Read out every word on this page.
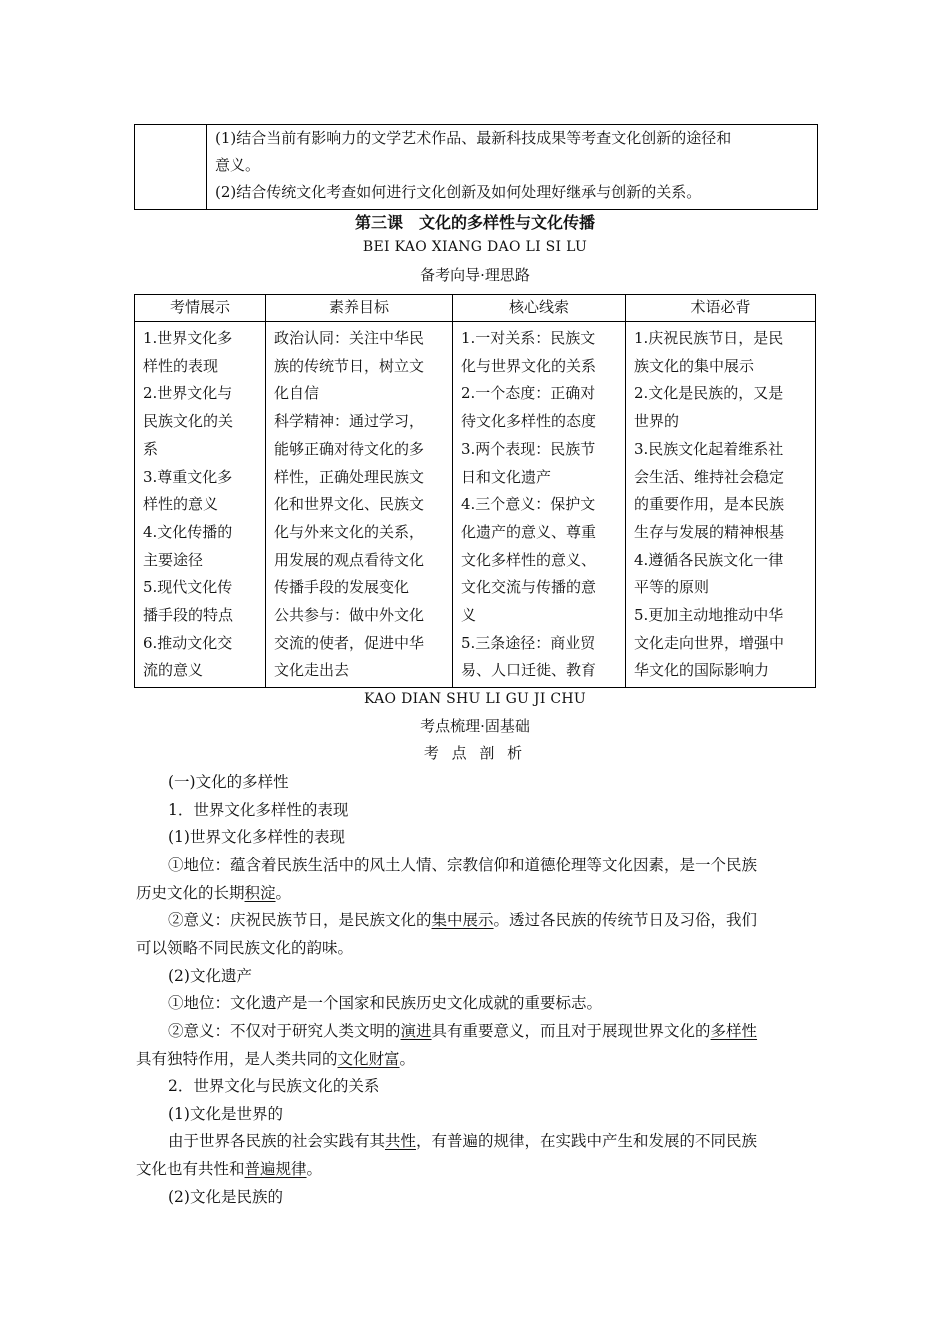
(1)结合当前有影响力的文学艺术作品、最新科技成果等考查文化创新的途径和
意义。
(2)结合传统文化考查如何进行文化创新及如何处理好继承与创新的关系。
第三课　文化的多样性与文化传播
BEI KAO XIANG DAO LI SI LU
备考向导·理思路
考情展示
1.世界文化多
样性的表现
2.世界文化与
民族文化的关
系
3.尊重文化多
样性的意义
4.文化传播的
主要途径
5.现代文化传
播手段的特点
6.推动文化交
流的意义
素养目标
政治认同：关注中华民
族的传统节日，树立文
化自信
科学精神：通过学习，
能够正确对待文化的多
样性，正确处理民族文
化和世界文化、民族文
化与外来文化的关系，
用发展的观点看待文化
传播手段的发展变化
公共参与：做中外文化
交流的使者，促进中华
文化走出去
核心线索
1.一对关系：民族文
化与世界文化的关系
2.一个态度：正确对
待文化多样性的态度
3.两个表现：民族节
日和文化遗产
4.三个意义：保护文
化遗产的意义、尊重
文化多样性的意义、
文化交流与传播的意
义
5.三条途径：商业贸
易、人口迁徙、教育
术语必背
1.庆祝民族节日，是民
族文化的集中展示
2.文化是民族的，又是
世界的
3.民族文化起着维系社
会生活、维持社会稳定
的重要作用，是本民族
生存与发展的精神根基
4.遵循各民族文化一律
平等的原则
5.更加主动地推动中华
文化走向世界，增强中
华文化的国际影响力
KAO DIAN SHU LI GU JI CHU
考点梳理·固基础
考 点 剖 析
(一)文化的多样性
1．世界文化多样性的表现
(1)世界文化多样性的表现
①地位：蕴含着民族生活中的风土人情、宗教信仰和道德伦理等文化因素，是一个民族
历史文化的长期积淀。
②意义：庆祝民族节日，是民族文化的集中展示。透过各民族的传统节日及习俗，我们
可以领略不同民族文化的韵味。
(2)文化遗产
①地位：文化遗产是一个国家和民族历史文化成就的重要标志。
②意义：不仅对于研究人类文明的演进具有重要意义，而且对于展现世界文化的多样性
具有独特作用，是人类共同的文化财富。
2．世界文化与民族文化的关系
(1)文化是世界的
由于世界各民族的社会实践有其共性，有普遍的规律，在实践中产生和发展的不同民族
文化也有共性和普遍规律。
(2)文化是民族的
